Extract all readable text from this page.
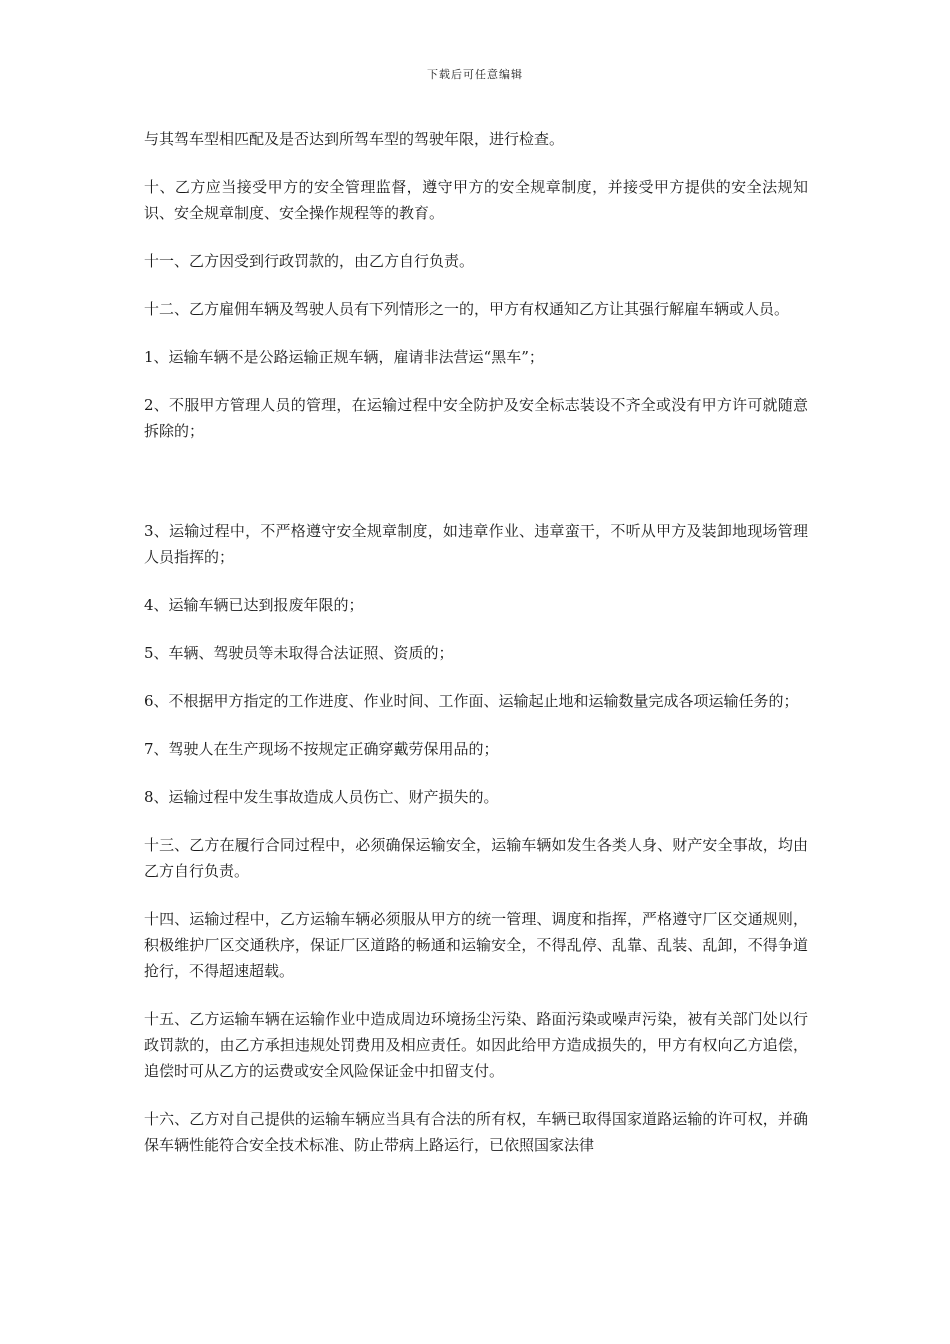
下载后可任意编辑

与其驾车型相匹配及是否达到所驾车型的驾驶年限，进行检查。

十、乙方应当接受甲方的安全管理监督，遵守甲方的安全规章制度，并接受甲方提供的安全法规知识、安全规章制度、安全操作规程等的教育。

十一、乙方因受到行政罚款的，由乙方自行负责。

十二、乙方雇佣车辆及驾驶人员有下列情形之一的，甲方有权通知乙方让其强行解雇车辆或人员。

1、运输车辆不是公路运输正规车辆，雇请非法营运“黑车”；

2、不服甲方管理人员的管理，在运输过程中安全防护及安全标志装设不齐全或没有甲方许可就随意拆除的；

3、运输过程中，不严格遵守安全规章制度，如违章作业、违章蛮干，不听从甲方及装卸地现场管理人员指挥的；

4、运输车辆已达到报废年限的；

5、车辆、驾驶员等未取得合法证照、资质的；

6、不根据甲方指定的工作进度、作业时间、工作面、运输起止地和运输数量完成各项运输任务的；

7、驾驶人在生产现场不按规定正确穿戴劳保用品的；

8、运输过程中发生事故造成人员伤亡、财产损失的。

十三、乙方在履行合同过程中，必须确保运输安全，运输车辆如发生各类人身、财产安全事故，均由乙方自行负责。

十四、运输过程中，乙方运输车辆必须服从甲方的统一管理、调度和指挥，严格遵守厂区交通规则，积极维护厂区交通秩序，保证厂区道路的畅通和运输安全，不得乱停、乱靠、乱装、乱卸，不得争道抢行，不得超速超载。

十五、乙方运输车辆在运输作业中造成周边环境扬尘污染、路面污染或噪声污染，被有关部门处以行政罚款的，由乙方承担违规处罚费用及相应责任。如因此给甲方造成损失的，甲方有权向乙方追偿，追偿时可从乙方的运费或安全风险保证金中扣留支付。

十六、乙方对自己提供的运输车辆应当具有合法的所有权，车辆已取得国家道路运输的许可权，并确保车辆性能符合安全技术标准、防止带病上路运行，已依照国家法律
